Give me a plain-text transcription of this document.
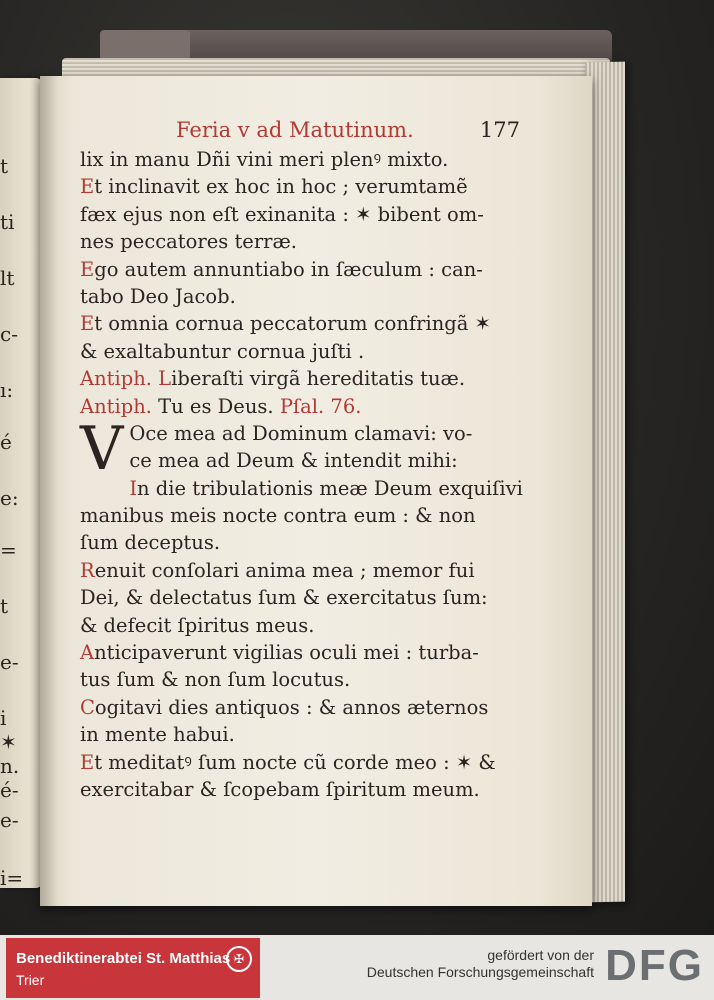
t
ti
lt
c-
ı:
é
e:
=
t
e-
i
✶
n.
é-
e-
i=
Feria v ad Matutinum.	177
lix in manu Dñi vini meri plenꝰ mixto.
Et inclinavit ex hoc in hoc ; verumtamẽ
fæx ejus non eſt exinanita : ✶ bibent om-
nes peccatores terræ.
Ego autem annuntiabo in ſæculum : can-
tabo Deo Jacob.
Et omnia cornua peccatorum confringã ✶
& exaltabuntur cornua juſti .
Antiph. Liberaſti virgã hereditatis tuæ.
Antiph. Tu es Deus. Pſal. 76.
V Oce mea ad Dominum clamavi: vo-
ce mea ad Deum & intendit mihi:
In die tribulationis meæ Deum exquiſivi
manibus meis nocte contra eum : & non
ſum deceptus.
Renuit conſolari anima mea ; memor fui
Dei, & delectatus ſum & exercitatus ſum:
& defecit ſpiritus meus.
Anticipaverunt vigilias oculi mei : turba-
tus ſum & non ſum locutus.
Cogitavi dies antiquos : & annos æternos
in mente habui.
Et meditatꝰ ſum nocte cũ corde meo : ✶ &
exercitabar & ſcopebam ſpiritum meum.
Benediktinerabtei St. Matthias
Trier
✠	gefördert von der
Deutschen Forschungsgemeinschaft DFG
